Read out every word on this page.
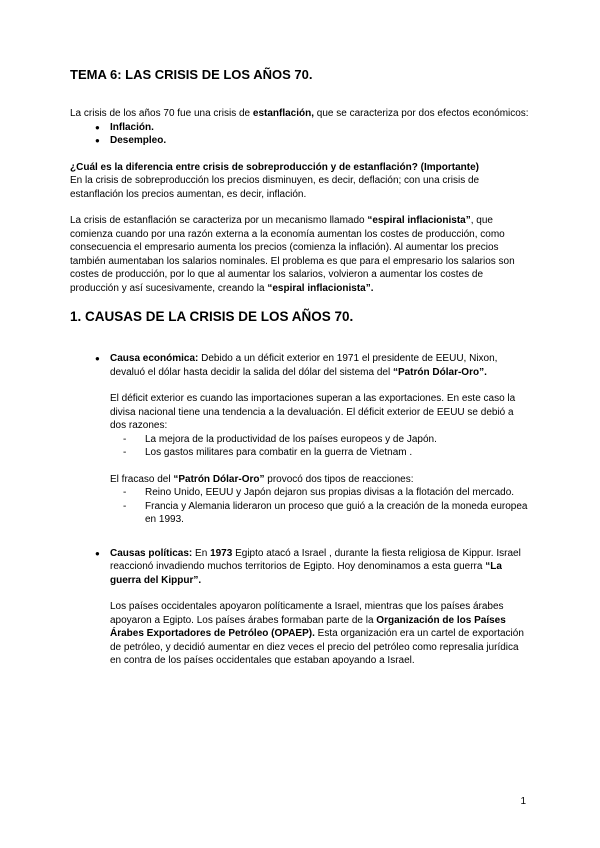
TEMA 6: LAS CRISIS DE LOS AÑOS 70.

La crisis de los años 70 fue una crisis de estanflación, que se caracteriza por dos efectos económicos:

●	Inflación.
●	Desempleo.

¿Cuál es la diferencia entre crisis de sobreproducción y de estanflación? (Importante)

En la crisis de sobreproducción los precios disminuyen, es decir, deflación; con una crisis de estanflación los precios aumentan, es decir, inflación.

La crisis de estanflación se caracteriza por un mecanismo llamado “espiral inflacionista”, que comienza cuando por una razón externa a la economía aumentan los costes de producción, como consecuencia el empresario aumenta los precios (comienza la inflación). Al aumentar los precios también aumentaban los salarios nominales. El problema es que para el empresario los salarios son costes de producción, por lo que al aumentar los salarios, volvieron a aumentar los costes de producción y así sucesivamente, creando la “espiral inflacionista”.

1. CAUSAS DE LA CRISIS DE LOS AÑOS 70.
●	Causa económica: Debido a un déficit exterior en 1971 el presidente de EEUU, Nixon, devaluó el dólar hasta decidir la salida del dólar del sistema del “Patrón Dólar-Oro”.

El déficit exterior es cuando las importaciones superan a las exportaciones. En este caso la divisa nacional tiene una tendencia a la devaluación. El déficit exterior de EEUU se debió a dos razones:

-	La mejora de la productividad de los países europeos y de Japón.
-	Los gastos militares para combatir en la guerra de Vietnam .

El fracaso del “Patrón Dólar-Oro” provocó dos tipos de reacciones:

-	Reino Unido, EEUU y Japón dejaron sus propias divisas a la flotación del mercado.
-	Francia y Alemania lideraron un proceso que guió a la creación de la moneda europea en 1993.
●	Causas políticas: En 1973 Egipto atacó a Israel , durante la fiesta religiosa de Kippur. Israel reaccionó invadiendo muchos territorios de Egipto. Hoy denominamos a esta guerra “La guerra del Kippur”.

Los países occidentales apoyaron políticamente a Israel, mientras que los países árabes apoyaron a Egipto. Los países árabes formaban parte de la Organización de los Países Árabes Exportadores de Petróleo (OPAEP). Esta organización era un cartel de exportación de petróleo, y decidió aumentar en diez veces el precio del petróleo como represalia jurídica en contra de los países occidentales que estaban apoyando a Israel.

1
